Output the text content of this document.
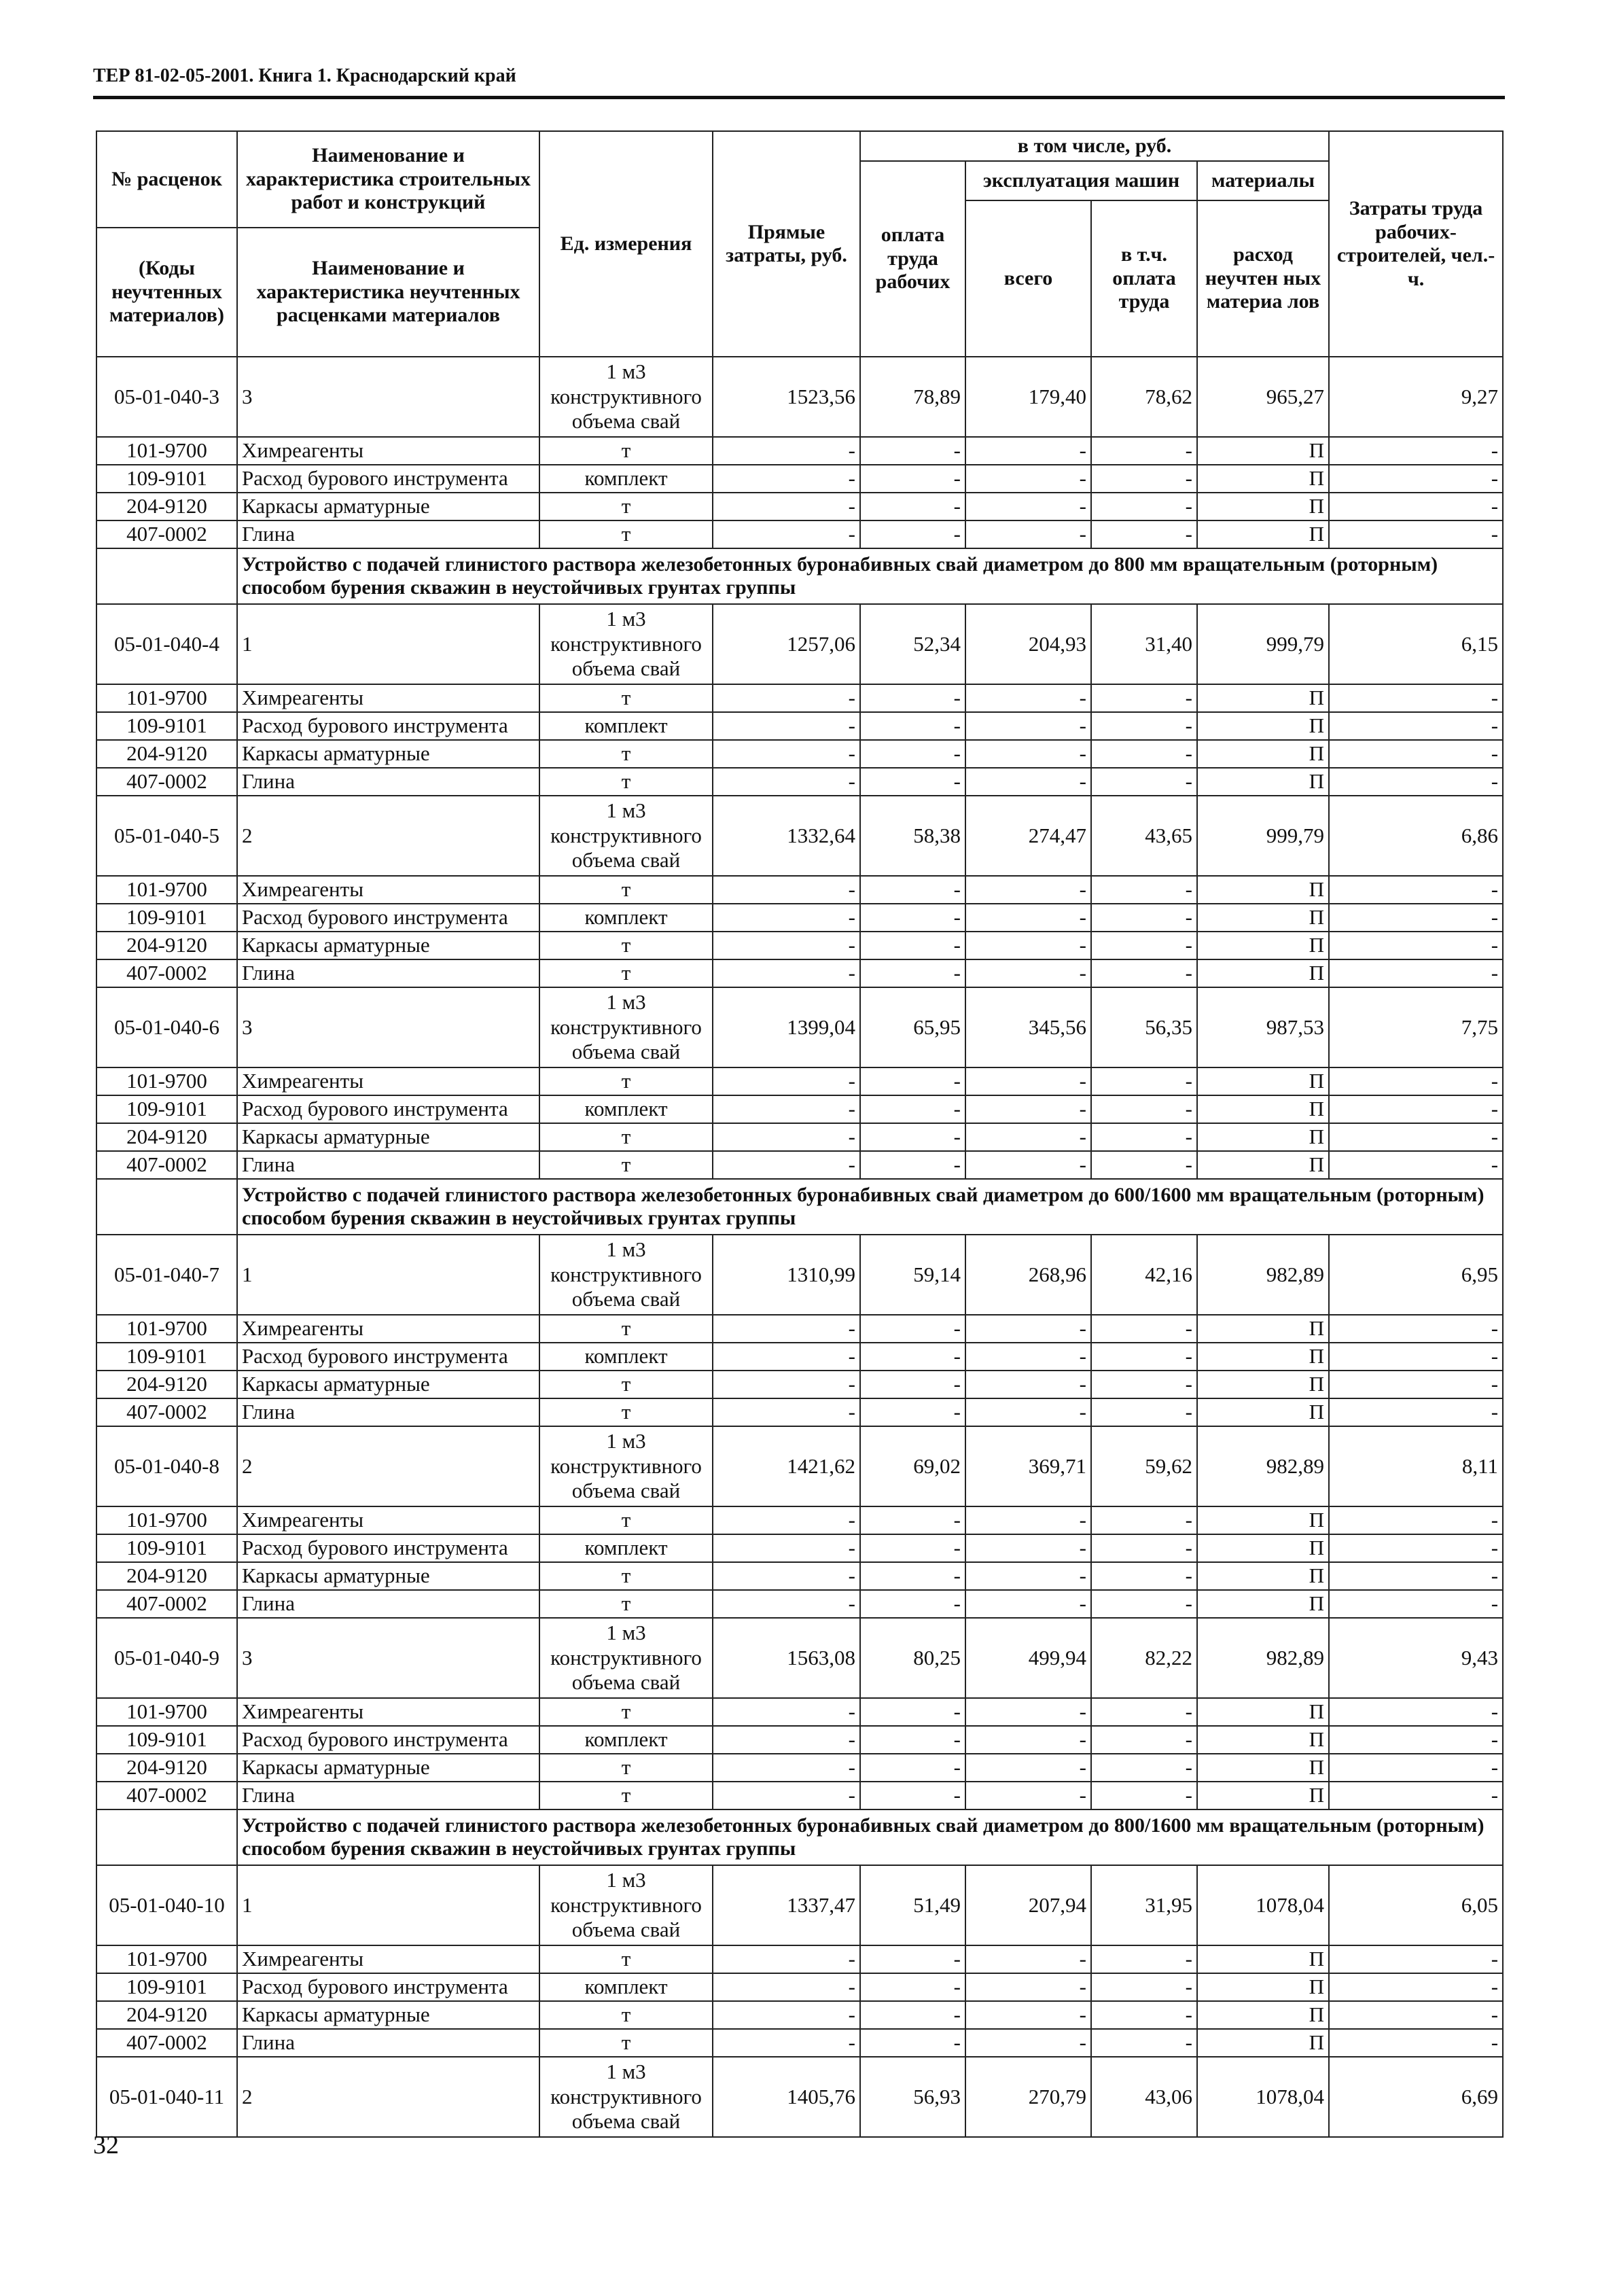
ТЕР 81-02-05-2001. Книга 1. Краснодарский край
№ расценок	Наименование и характеристика строительных работ и конструкций	Ед. измерения	Прямые затраты, руб.	в том числе, руб.				Затраты труда рабочих-строителей, чел.-ч.
				оплата труда рабочих	эксплуатация машин		материалы	
					всего	в т.ч. оплата труда	расход неучтен ных материа лов	
(Коды неучтенных материалов)	Наименование и характеристика неучтенных расценками материалов							
05-01-040-3	3	1 м3 конструктивного объема свай	1523,56	78,89	179,40	78,62	965,27	9,27
101-9700	Химреагенты	т	-	-	-	-	П	-
109-9101	Расход бурового инструмента	комплект	-	-	-	-	П	-
204-9120	Каркасы арматурные	т	-	-	-	-	П	-
407-0002	Глина	т	-	-	-	-	П	-
	Устройство с подачей глинистого раствора железобетонных буронабивных свай диаметром до 800 мм вращательным (роторным) способом бурения скважин в неустойчивых грунтах группы							
05-01-040-4	1	1 м3 конструктивного объема свай	1257,06	52,34	204,93	31,40	999,79	6,15
101-9700	Химреагенты	т	-	-	-	-	П	-
109-9101	Расход бурового инструмента	комплект	-	-	-	-	П	-
204-9120	Каркасы арматурные	т	-	-	-	-	П	-
407-0002	Глина	т	-	-	-	-	П	-
05-01-040-5	2	1 м3 конструктивного объема свай	1332,64	58,38	274,47	43,65	999,79	6,86
101-9700	Химреагенты	т	-	-	-	-	П	-
109-9101	Расход бурового инструмента	комплект	-	-	-	-	П	-
204-9120	Каркасы арматурные	т	-	-	-	-	П	-
407-0002	Глина	т	-	-	-	-	П	-
05-01-040-6	3	1 м3 конструктивного объема свай	1399,04	65,95	345,56	56,35	987,53	7,75
101-9700	Химреагенты	т	-	-	-	-	П	-
109-9101	Расход бурового инструмента	комплект	-	-	-	-	П	-
204-9120	Каркасы арматурные	т	-	-	-	-	П	-
407-0002	Глина	т	-	-	-	-	П	-
	Устройство с подачей глинистого раствора железобетонных буронабивных свай диаметром до 600/1600 мм вращательным (роторным) способом бурения скважин в неустойчивых грунтах группы							
05-01-040-7	1	1 м3 конструктивного объема свай	1310,99	59,14	268,96	42,16	982,89	6,95
101-9700	Химреагенты	т	-	-	-	-	П	-
109-9101	Расход бурового инструмента	комплект	-	-	-	-	П	-
204-9120	Каркасы арматурные	т	-	-	-	-	П	-
407-0002	Глина	т	-	-	-	-	П	-
05-01-040-8	2	1 м3 конструктивного объема свай	1421,62	69,02	369,71	59,62	982,89	8,11
101-9700	Химреагенты	т	-	-	-	-	П	-
109-9101	Расход бурового инструмента	комплект	-	-	-	-	П	-
204-9120	Каркасы арматурные	т	-	-	-	-	П	-
407-0002	Глина	т	-	-	-	-	П	-
05-01-040-9	3	1 м3 конструктивного объема свай	1563,08	80,25	499,94	82,22	982,89	9,43
101-9700	Химреагенты	т	-	-	-	-	П	-
109-9101	Расход бурового инструмента	комплект	-	-	-	-	П	-
204-9120	Каркасы арматурные	т	-	-	-	-	П	-
407-0002	Глина	т	-	-	-	-	П	-
	Устройство с подачей глинистого раствора железобетонных буронабивных свай диаметром до 800/1600 мм вращательным (роторным) способом бурения скважин в неустойчивых грунтах группы							
05-01-040-10	1	1 м3 конструктивного объема свай	1337,47	51,49	207,94	31,95	1078,04	6,05
101-9700	Химреагенты	т	-	-	-	-	П	-
109-9101	Расход бурового инструмента	комплект	-	-	-	-	П	-
204-9120	Каркасы арматурные	т	-	-	-	-	П	-
407-0002	Глина	т	-	-	-	-	П	-
05-01-040-11	2	1 м3 конструктивного объема свай	1405,76	56,93	270,79	43,06	1078,04	6,69
32
